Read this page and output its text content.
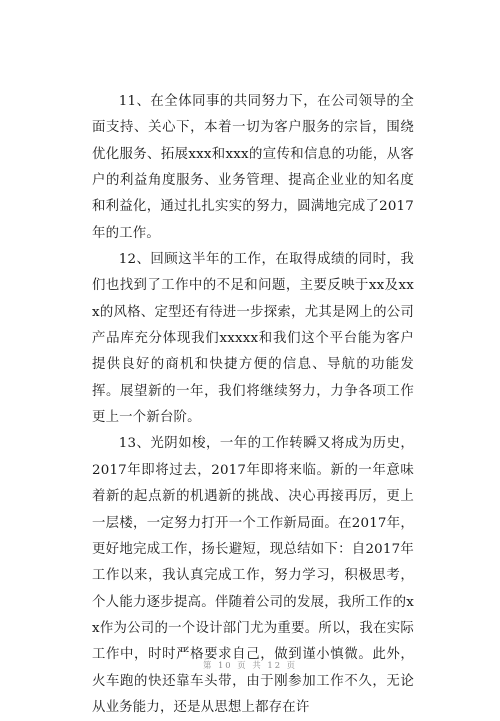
11、在全体同事的共同努力下，在公司领导的全面支持、关心下，本着一切为客户服务的宗旨，围绕优化服务、拓展xxx和xxx的宣传和信息的功能，从客户的利益角度服务、业务管理、提高企业业的知名度和利益化，通过扎扎实实的努力，圆满地完成了2017年的工作。

12、回顾这半年的工作，在取得成绩的同时，我们也找到了工作中的不足和问题，主要反映于xx及xxx的风格、定型还有待进一步探索，尤其是网上的公司产品库充分体现我们xxxxx和我们这个平台能为客户提供良好的商机和快捷方便的信息、导航的功能发挥。展望新的一年，我们将继续努力，力争各项工作更上一个新台阶。

13、光阴如梭，一年的工作转瞬又将成为历史，2017年即将过去，2017年即将来临。新的一年意味着新的起点新的机遇新的挑战、决心再接再厉，更上一层楼，一定努力打开一个工作新局面。在2017年，更好地完成工作，扬长避短，现总结如下：自2017年工作以来，我认真完成工作，努力学习，积极思考，个人能力逐步提高。伴随着公司的发展，我所工作的xx作为公司的一个设计部门尤为重要。所以，我在实际工作中，时时严格要求自己，做到谨小慎微。此外，火车跑的快还靠车头带，由于刚参加工作不久，无论从业务能力，还是从思想上都存在许

第 10 页 共 12 页
